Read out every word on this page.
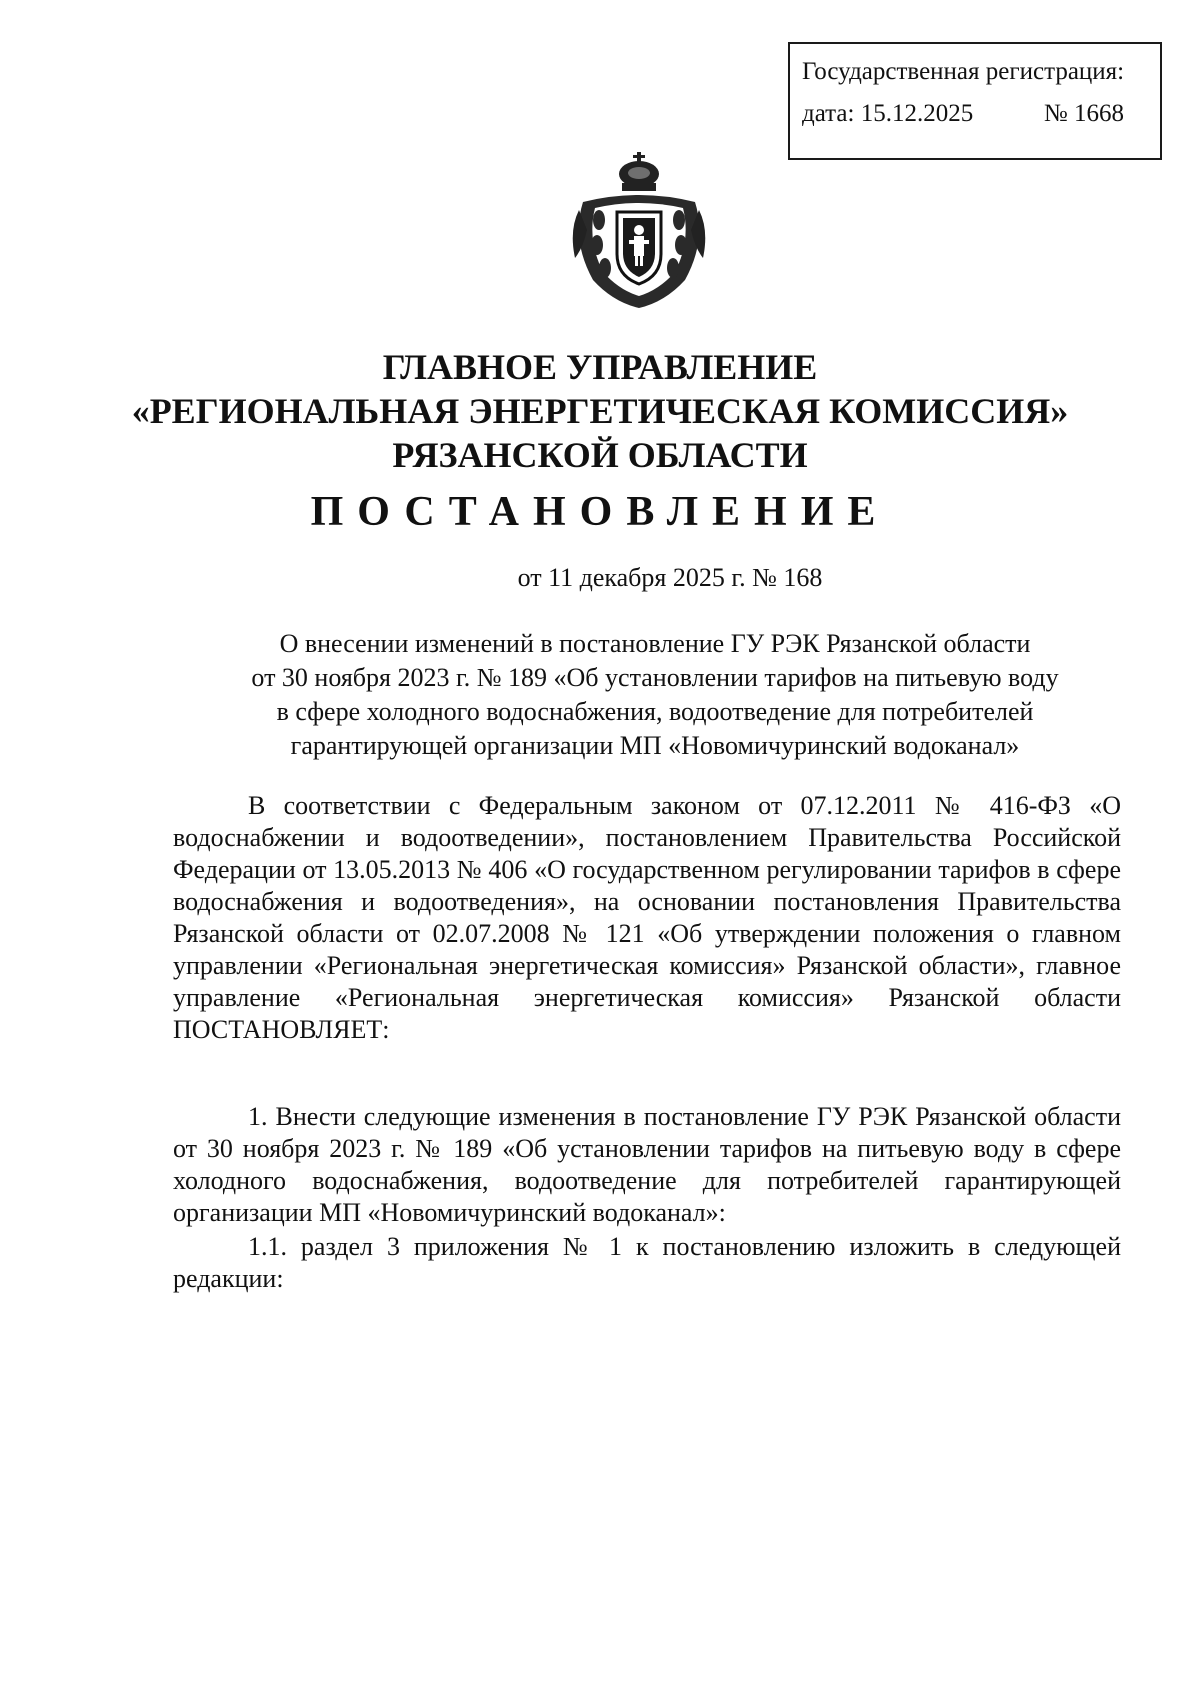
Государственная регистрация:
дата: 15.12.2025	№ 1668
ГЛАВНОЕ УПРАВЛЕНИЕ
«РЕГИОНАЛЬНАЯ ЭНЕРГЕТИЧЕСКАЯ КОМИССИЯ»
РЯЗАНСКОЙ ОБЛАСТИ
ПОСТАНОВЛЕНИЕ
от 11 декабря 2025 г. № 168
О внесении изменений в постановление ГУ РЭК Рязанской области
от 30 ноября 2023 г. № 189 «Об установлении тарифов на питьевую воду
в сфере холодного водоснабжения, водоотведение для потребителей
гарантирующей организации МП «Новомичуринский водоканал»
В соответствии с Федеральным законом от 07.12.2011 № 416-ФЗ «О водоснабжении и водоотведении», постановлением Правительства Российской Федерации от 13.05.2013 № 406 «О государственном регулировании тарифов в сфере водоснабжения и водоотведения», на основании постановления Правительства Рязанской области от 02.07.2008 № 121 «Об утверждении положения о главном управлении «Региональная энергетическая комиссия» Рязанской области», главное управление «Региональная энергетическая комиссия» Рязанской области ПОСТАНОВЛЯЕТ:
1. Внести следующие изменения в постановление ГУ РЭК Рязанской области от 30 ноября 2023 г. № 189 «Об установлении тарифов на питьевую воду в сфере холодного водоснабжения, водоотведение для потребителей гарантирующей организации МП «Новомичуринский водоканал»:
1.1. раздел 3 приложения № 1 к постановлению изложить в следующей редакции:
